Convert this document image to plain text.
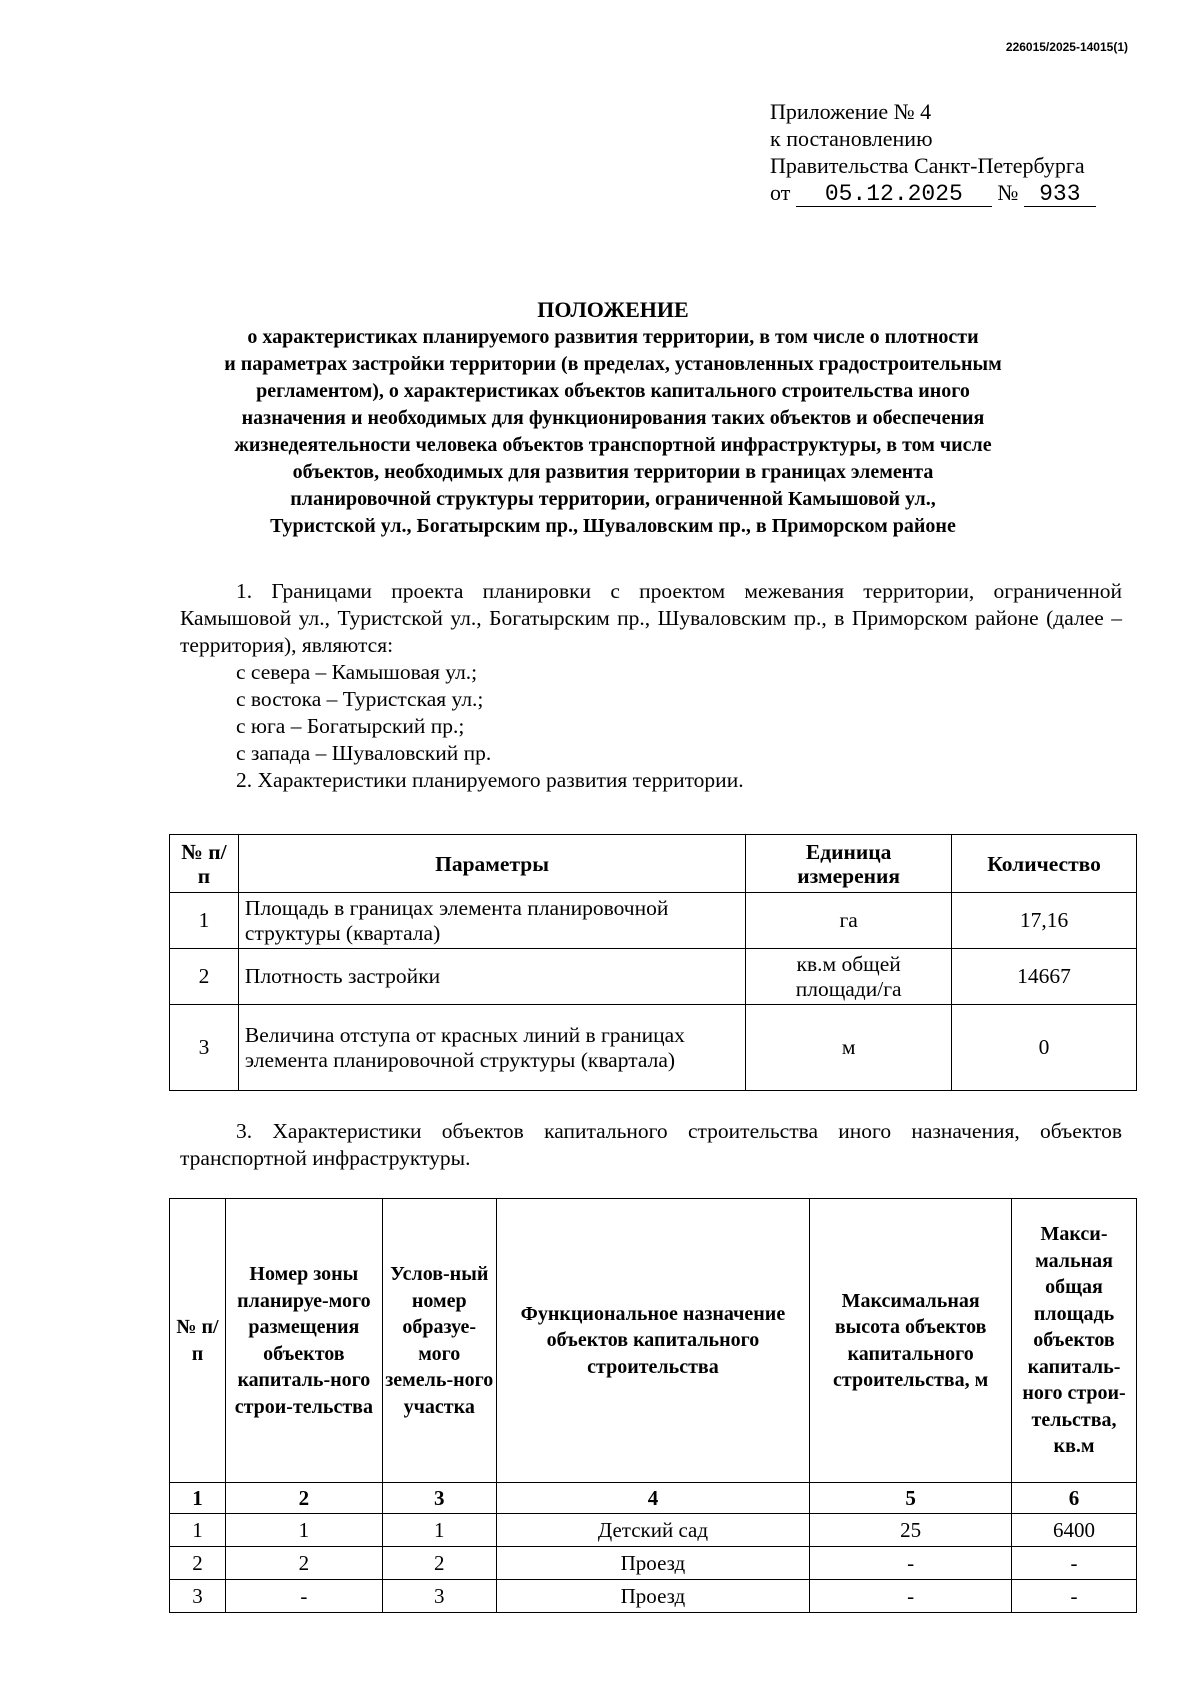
226015/2025-14015(1)
Приложение № 4
к постановлению
Правительства Санкт-Петербурга
от 05.12.2025 № 933
ПОЛОЖЕНИЕ
о характеристиках планируемого развития территории, в том числе о плотности
и параметрах застройки территории (в пределах, установленных градостроительным
регламентом), о характеристиках объектов капитального строительства иного
назначения и необходимых для функционирования таких объектов и обеспечения
жизнедеятельности человека объектов транспортной инфраструктуры, в том числе
объектов, необходимых для развития территории в границах элемента
планировочной структуры территории, ограниченной Камышовой ул.,
Туристской ул., Богатырским пр., Шуваловским пр., в Приморском районе
1. Границами проекта планировки с проектом межевания территории, ограниченной Камышовой ул., Туристской ул., Богатырским пр., Шуваловским пр., в Приморском районе (далее – территория), являются:
с севера – Камышовая ул.;
с востока – Туристская ул.;
с юга – Богатырский пр.;
с запада – Шуваловский пр.
2. Характеристики планируемого развития территории.
№ п/п	Параметры	Единица измерения	Количество
1	Площадь в границах элемента планировочной структуры (квартала)	га	17,16
2	Плотность застройки	кв.м общей площади/га	14667
3	Величина отступа от красных линий в границах элемента планировочной структуры (квартала)	м	0
3. Характеристики объектов капитального строительства иного назначения, объектов транспортной инфраструктуры.
№ п/п	Номер зоны планируе-мого размещения объектов капиталь-ного строи-тельства	Услов-ный номер образуе-мого земель-ного участка	Функциональное назначение объектов капитального строительства	Максимальная высота объектов капитального строительства, м	Макси-мальная общая площадь объектов капиталь-ного строи-тельства, кв.м
1	2	3	4	5	6
1	1	1	Детский сад	25	6400
2	2	2	Проезд	-	-
3	-	3	Проезд	-	-
